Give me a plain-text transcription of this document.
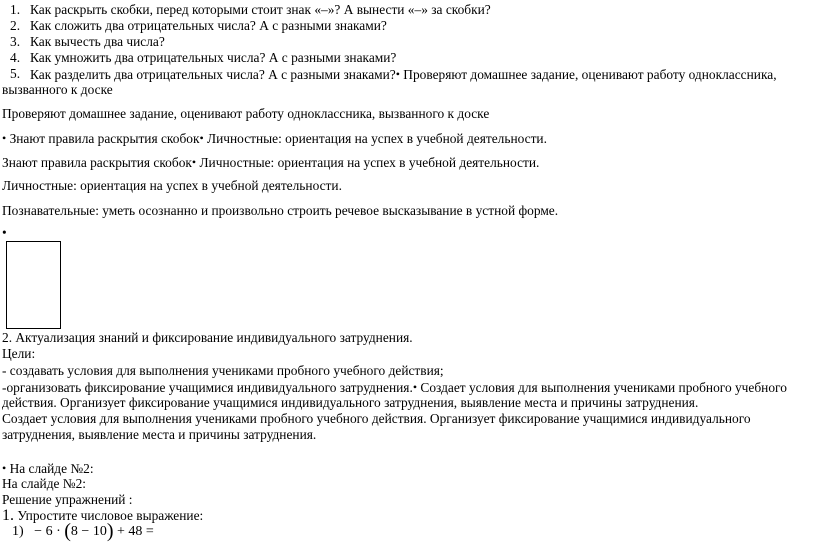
1. Как раскрыть скобки, перед которыми стоит знак «–»? А вынести «–» за скобки?
2. Как сложить два отрицательных числа? А с разными знаками?
3. Как вычесть два числа?
4. Как умножить два отрицательных числа? А с разными знаками?
5. Как разделить два отрицательных числа? А с разными знаками?• Проверяют домашнее задание, оценивают работу одноклассника,
вызванного к доске
Проверяют домашнее задание, оценивают работу одноклассника, вызванного к доске
• Знают правила раскрытия скобок• Личностные: ориентация на успех в учебной деятельности.
Знают правила раскрытия скобок• Личностные: ориентация на успех в учебной деятельности.
Личностные: ориентация на успех в учебной деятельности.
Познавательные: уметь осознанно и произвольно строить речевое высказывание в устной форме.
•
2. Актуализация знаний и фиксирование индивидуального затруднения.
Цели:
- создавать условия для выполнения учениками пробного учебного действия;
-организовать фиксирование учащимися индивидуального затруднения.• Создает условия для выполнения учениками пробного учебного
действия. Организует фиксирование учащимися индивидуального затруднения, выявление места и причины затруднения.
Создает условия для выполнения учениками пробного учебного действия. Организует фиксирование учащимися индивидуального
затруднения, выявление места и причины затруднения.
• На слайде №2:
На слайде №2:
Решение упражнений :
1. Упростите числовое выражение:
1) − 6 · (8 − 10) + 48 =
